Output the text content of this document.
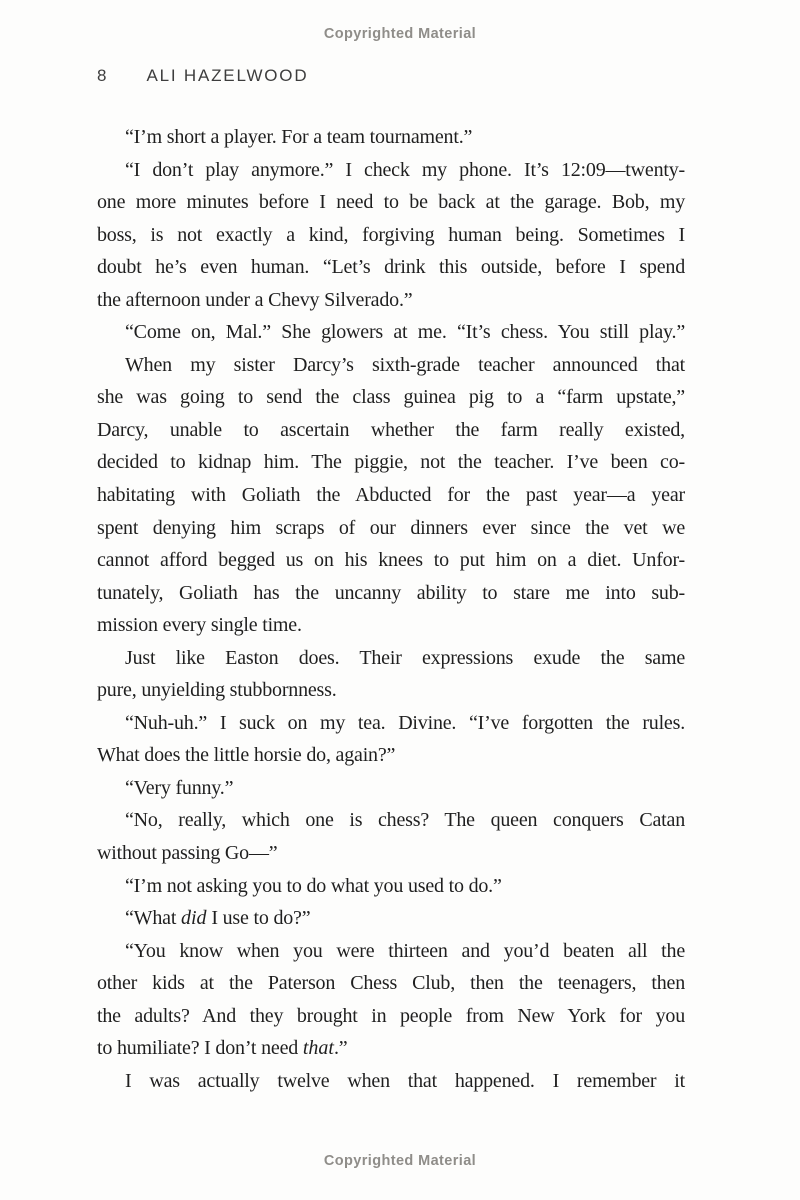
Copyrighted Material
8 ALI HAZELWOOD
“I’m short a player. For a team tournament.”
“I don’t play anymore.” I check my phone. It’s 12:09—twenty-
one more minutes before I need to be back at the garage. Bob, my
boss, is not exactly a kind, forgiving human being. Sometimes I
doubt he’s even human. “Let’s drink this outside, before I spend
the afternoon under a Chevy Silverado.”
“Come on, Mal.” She glowers at me. “It’s chess. You still play.”
When my sister Darcy’s sixth-grade teacher announced that
she was going to send the class guinea pig to a “farm upstate,”
Darcy, unable to ascertain whether the farm really existed,
decided to kidnap him. The piggie, not the teacher. I’ve been co-
habitating with Goliath the Abducted for the past year—a year
spent denying him scraps of our dinners ever since the vet we
cannot afford begged us on his knees to put him on a diet. Unfor-
tunately, Goliath has the uncanny ability to stare me into sub-
mission every single time.
Just like Easton does. Their expressions exude the same
pure, unyielding stubbornness.
“Nuh-uh.” I suck on my tea. Divine. “I’ve forgotten the rules.
What does the little horsie do, again?”
“Very funny.”
“No, really, which one is chess? The queen conquers Catan
without passing Go—”
“I’m not asking you to do what you used to do.”
“What did I use to do?”
“You know when you were thirteen and you’d beaten all the
other kids at the Paterson Chess Club, then the teenagers, then
the adults? And they brought in people from New York for you
to humiliate? I don’t need that.”
I was actually twelve when that happened. I remember it
Copyrighted Material
